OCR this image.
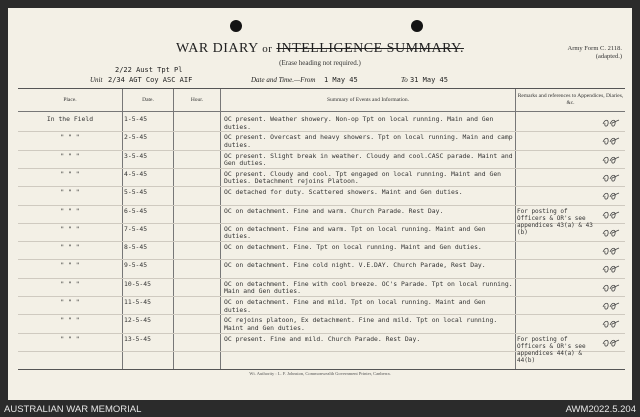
WAR DIARY or INTELLIGENCE SUMMARY.
(Erase heading not required.)
Army Form C. 2118.
(adapted.)
2/22 Aust Tpt Pl
Unit 2/34 AGT Coy ASC AIF	Date and Time.—From 1 May 45	To 31 May 45
Place.	Date.	Hour.	Summary of Events and Information.
Remarks and references to Appendices, Diaries, &c.
In the Field	1-5-45	OC present. Weather showery. Non-op Tpt on local running. Main and Gen duties.
" " "	2-5-45	OC present. Overcast and heavy showers. Tpt on local running. Main and camp duties.
" " "	3-5-45	OC present. Slight break in weather. Cloudy and cool.CASC parade. Maint and Gen duties.
" " "	4-5-45	OC present. Cloudy and cool. Tpt engaged on local running. Maint and Gen Duties. Detachment rejoins Platoon.
" " "	5-5-45	OC detached for duty. Scattered showers. Maint and Gen duties.
" " "	6-5-45	OC on detachment. Fine and warm. Church Parade. Rest Day.	For posting of Officers & OR's see appendices 43(a) & 43 (b)
" " "	7-5-45	OC on detachment. Fine and warm. Tpt on local running. Maint and Gen duties.
" " "	8-5-45	OC on detachment. Fine. Tpt on local running. Maint and Gen duties.
" " "	9-5-45	OC on detachment. Fine cold night. V.E.DAY. Church Parade, Rest Day.
" " "	10-5-45	OC on detachment. Fine with cool breeze. OC's Parade. Tpt on local running. Main and Gen duties.
" " "	11-5-45	OC on detachment. Fine and mild. Tpt on local running. Maint and Gen duties.
" " "	12-5-45	OC rejoins platoon, Ex detachment. Fine and mild. Tpt on local running. Maint and Gen duties.
" " "	13-5-45	OC present. Fine and mild. Church Parade. Rest Day.	For posting of Officers & OR's see appendices 44(a) & 44(b)
Wt. Authority : L. F. Johnston, Commonwealth Government Printer, Canberra.
AUSTRALIAN WAR MEMORIAL	AWM2022.5.204
